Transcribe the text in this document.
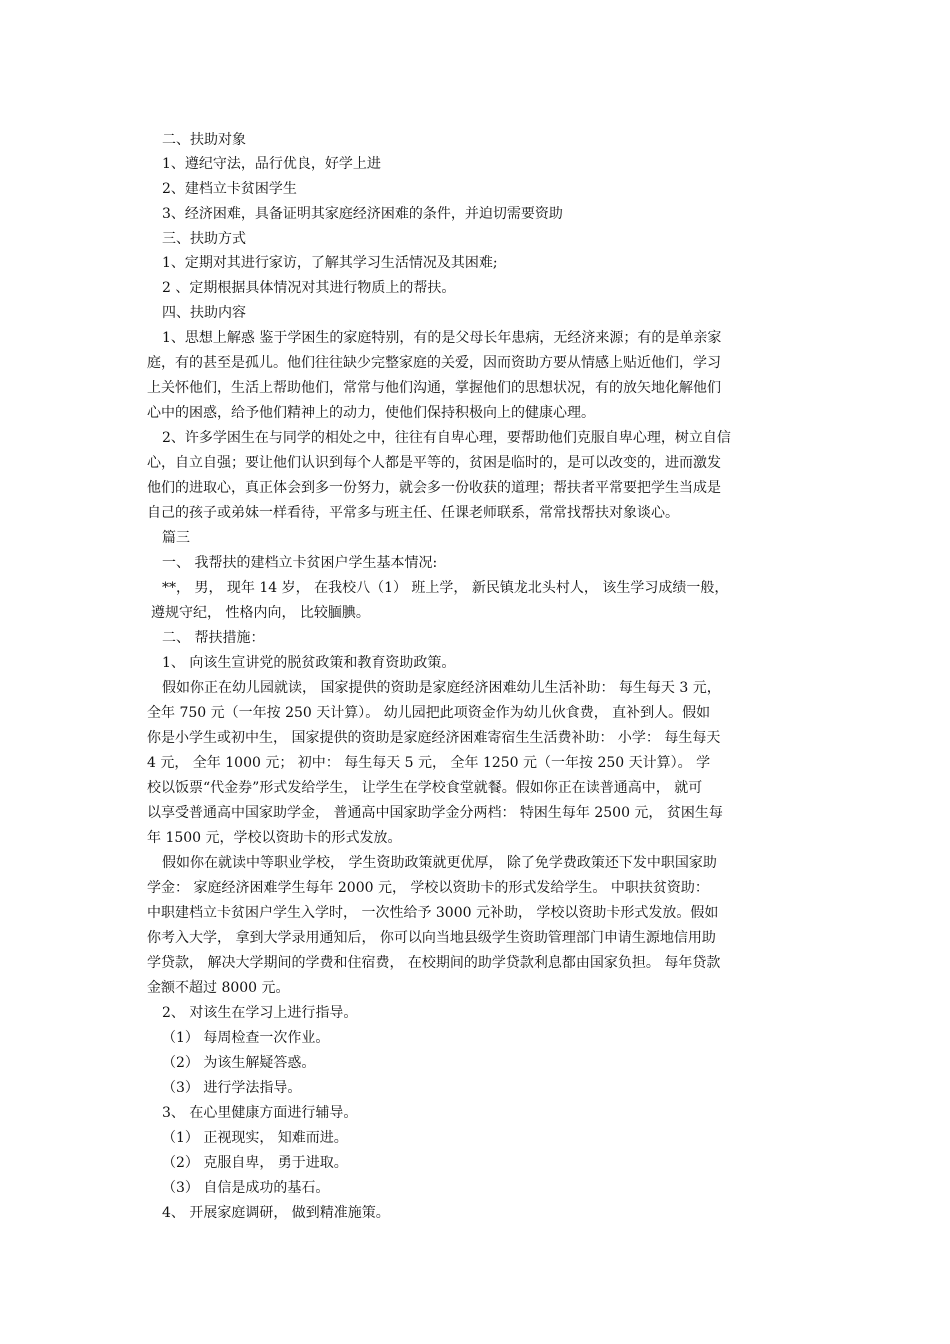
二、扶助对象
1、遵纪守法，品行优良，好学上进
2、建档立卡贫困学生
3、经济困难，具备证明其家庭经济困难的条件，并迫切需要资助
三、扶助方式
1、定期对其进行家访，了解其学习生活情况及其困难;
2 、定期根据具体情况对其进行物质上的帮扶。
四、扶助内容
1、思想上解惑 鉴于学困生的家庭特别，有的是父母长年患病，无经济来源；有的是单亲家
庭，有的甚至是孤儿。他们往往缺少完整家庭的关爱，因而资助方要从情感上贴近他们，学习
上关怀他们，生活上帮助他们，常常与他们沟通，掌握他们的思想状况，有的放矢地化解他们
心中的困惑，给予他们精神上的动力，使他们保持积极向上的健康心理。
2、许多学困生在与同学的相处之中，往往有自卑心理，要帮助他们克服自卑心理，树立自信
心，自立自强；要让他们认识到每个人都是平等的，贫困是临时的，是可以改变的，进而激发
他们的进取心，真正体会到多一份努力，就会多一份收获的道理；帮扶者平常要把学生当成是
自己的孩子或弟妹一样看待，平常多与班主任、任课老师联系，常常找帮扶对象谈心。
篇三
一、 我帮扶的建档立卡贫困户学生基本情况:
**， 男， 现年 14 岁， 在我校八（1） 班上学， 新民镇龙北头村人， 该生学习成绩一般，
遵规守纪， 性格内向， 比较腼腆。
二、 帮扶措施：
1、 向该生宣讲党的脱贫政策和教育资助政策。
假如你正在幼儿园就读， 国家提供的资助是家庭经济困难幼儿生活补助： 每生每天 3 元，
全年 750 元（一年按 250 天计算）。 幼儿园把此项资金作为幼儿伙食费， 直补到人。假如
你是小学生或初中生， 国家提供的资助是家庭经济困难寄宿生生活费补助： 小学： 每生每天
4 元， 全年 1000 元； 初中： 每生每天 5 元， 全年 1250 元（一年按 250 天计算）。 学
校以饭票“代金券”形式发给学生， 让学生在学校食堂就餐。假如你正在读普通高中， 就可
以享受普通高中国家助学金， 普通高中国家助学金分两档： 特困生每年 2500 元， 贫困生每
年 1500 元，学校以资助卡的形式发放。
假如你在就读中等职业学校， 学生资助政策就更优厚， 除了免学费政策还下发中职国家助
学金： 家庭经济困难学生每年 2000 元， 学校以资助卡的形式发给学生。 中职扶贫资助：
中职建档立卡贫困户学生入学时， 一次性给予 3000 元补助， 学校以资助卡形式发放。假如
你考入大学， 拿到大学录用通知后， 你可以向当地县级学生资助管理部门申请生源地信用助
学贷款， 解决大学期间的学费和住宿费， 在校期间的助学贷款利息都由国家负担。 每年贷款
金额不超过 8000 元。
2、 对该生在学习上进行指导。
（1） 每周检查一次作业。
（2） 为该生解疑答惑。
（3） 进行学法指导。
3、 在心里健康方面进行辅导。
（1） 正视现实， 知难而进。
（2） 克服自卑， 勇于进取。
（3） 自信是成功的基石。
4、 开展家庭调研， 做到精准施策。
